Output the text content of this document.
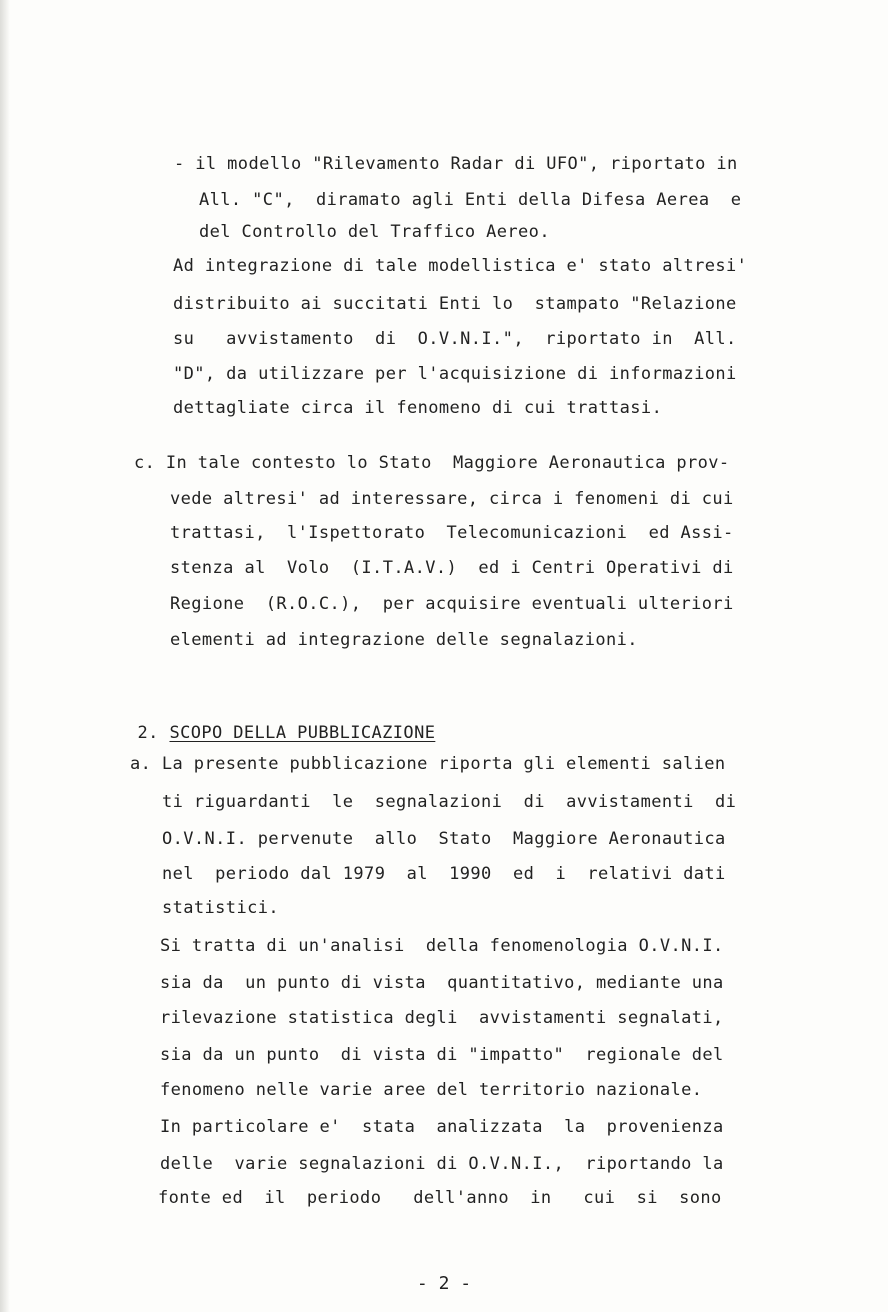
- il modello "Rilevamento Radar di UFO", riportato in
All. "C",  diramato agli Enti della Difesa Aerea  e
del Controllo del Traffico Aereo.
Ad integrazione di tale modellistica e' stato altresi'
distribuito ai succitati Enti lo  stampato "Relazione
su   avvistamento  di  O.V.N.I.",  riportato in  All.
"D", da utilizzare per l'acquisizione di informazioni
dettagliate circa il fenomeno di cui trattasi.
c. In tale contesto lo Stato  Maggiore Aeronautica prov-
vede altresi' ad interessare, circa i fenomeni di cui
trattasi,  l'Ispettorato  Telecomunicazioni  ed Assi-
stenza al  Volo  (I.T.A.V.)  ed i Centri Operativi di
Regione  (R.O.C.),  per acquisire eventuali ulteriori
elementi ad integrazione delle segnalazioni.

2. SCOPO DELLA PUBBLICAZIONE

a. La presente pubblicazione riporta gli elementi salien
ti riguardanti  le  segnalazioni  di  avvistamenti  di
O.V.N.I. pervenute  allo  Stato  Maggiore Aeronautica
nel  periodo dal 1979  al  1990  ed  i  relativi dati
statistici.
Si tratta di un'analisi  della fenomenologia O.V.N.I.
sia da  un punto di vista  quantitativo, mediante una
rilevazione statistica degli  avvistamenti segnalati,
sia da un punto  di vista di "impatto"  regionale del
fenomeno nelle varie aree del territorio nazionale.
In particolare e'  stata  analizzata  la  provenienza
delle  varie segnalazioni di O.V.N.I.,  riportando la
fonte ed  il  periodo   dell'anno  in   cui  si  sono
- 2 -
